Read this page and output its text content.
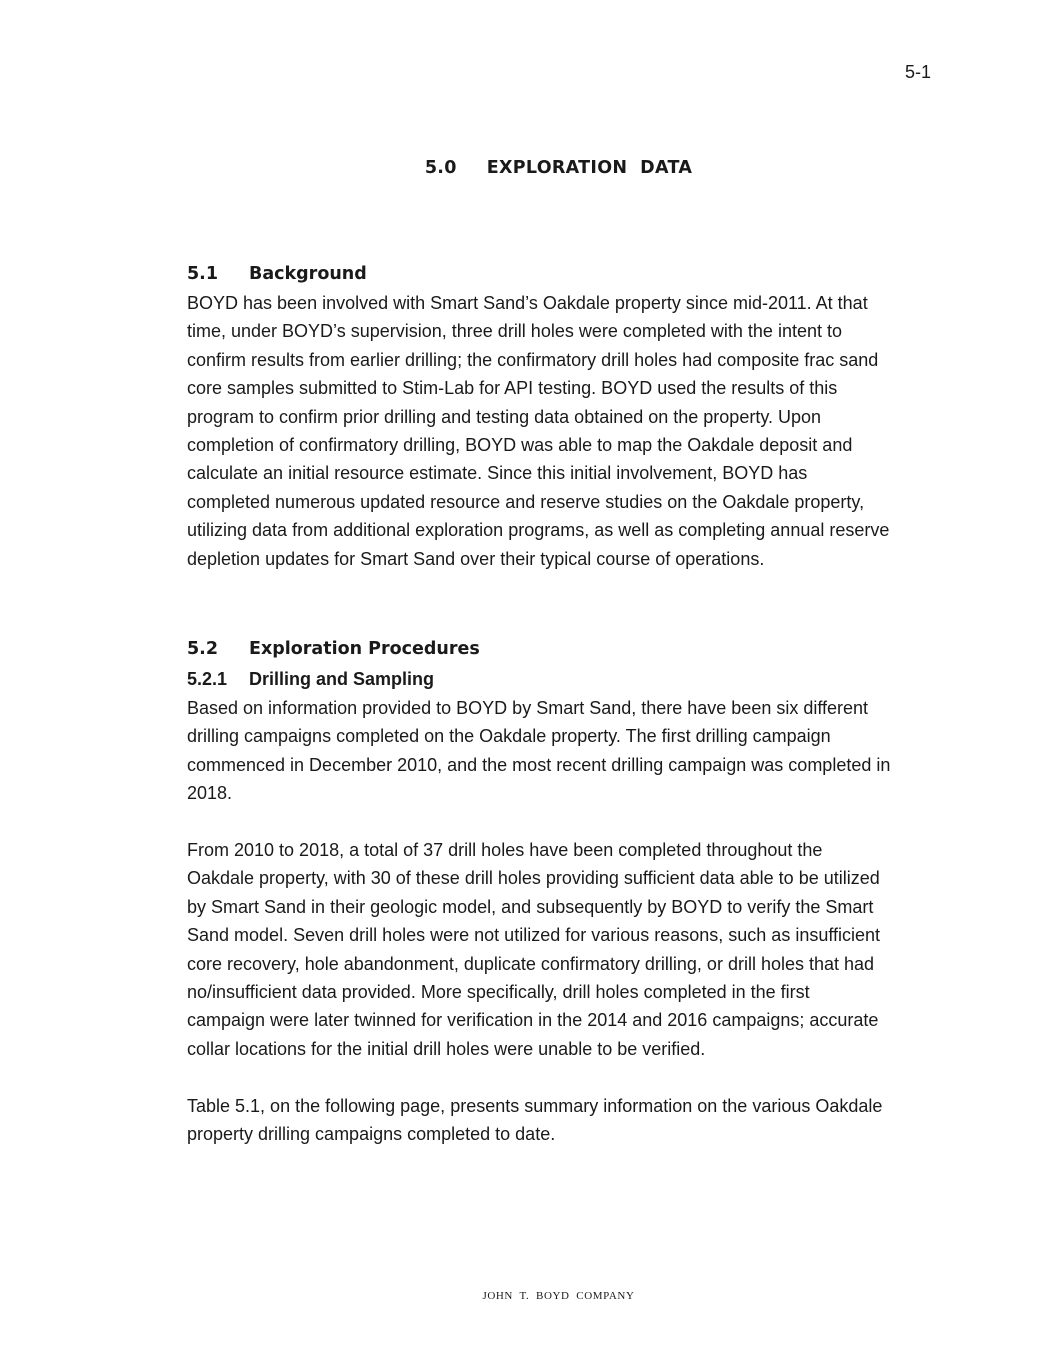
5-1
5.0 EXPLORATION  DATA
5.1 Background

BOYD has been involved with Smart Sand’s Oakdale property since mid-2011. At that
time, under BOYD’s supervision, three drill holes were completed with the intent to
confirm results from earlier drilling; the confirmatory drill holes had composite frac sand
core samples submitted to Stim-Lab for API testing. BOYD used the results of this
program to confirm prior drilling and testing data obtained on the property. Upon
completion of confirmatory drilling, BOYD was able to map the Oakdale deposit and
calculate an initial resource estimate. Since this initial involvement, BOYD has
completed numerous updated resource and reserve studies on the Oakdale property,
utilizing data from additional exploration programs, as well as completing annual reserve
depletion updates for Smart Sand over their typical course of operations.

5.2 Exploration Procedures
5.2.1 Drilling and Sampling

Based on information provided to BOYD by Smart Sand, there have been six different
drilling campaigns completed on the Oakdale property. The first drilling campaign
commenced in December 2010, and the most recent drilling campaign was completed in
2018.

From 2010 to 2018, a total of 37 drill holes have been completed throughout the
Oakdale property, with 30 of these drill holes providing sufficient data able to be utilized
by Smart Sand in their geologic model, and subsequently by BOYD to verify the Smart
Sand model. Seven drill holes were not utilized for various reasons, such as insufficient
core recovery, hole abandonment, duplicate confirmatory drilling, or drill holes that had
no/insufficient data provided. More specifically, drill holes completed in the first
campaign were later twinned for verification in the 2014 and 2016 campaigns; accurate
collar locations for the initial drill holes were unable to be verified.

Table 5.1, on the following page, presents summary information on the various Oakdale
property drilling campaigns completed to date.

JOHN  T.  BOYD  COMPANY
